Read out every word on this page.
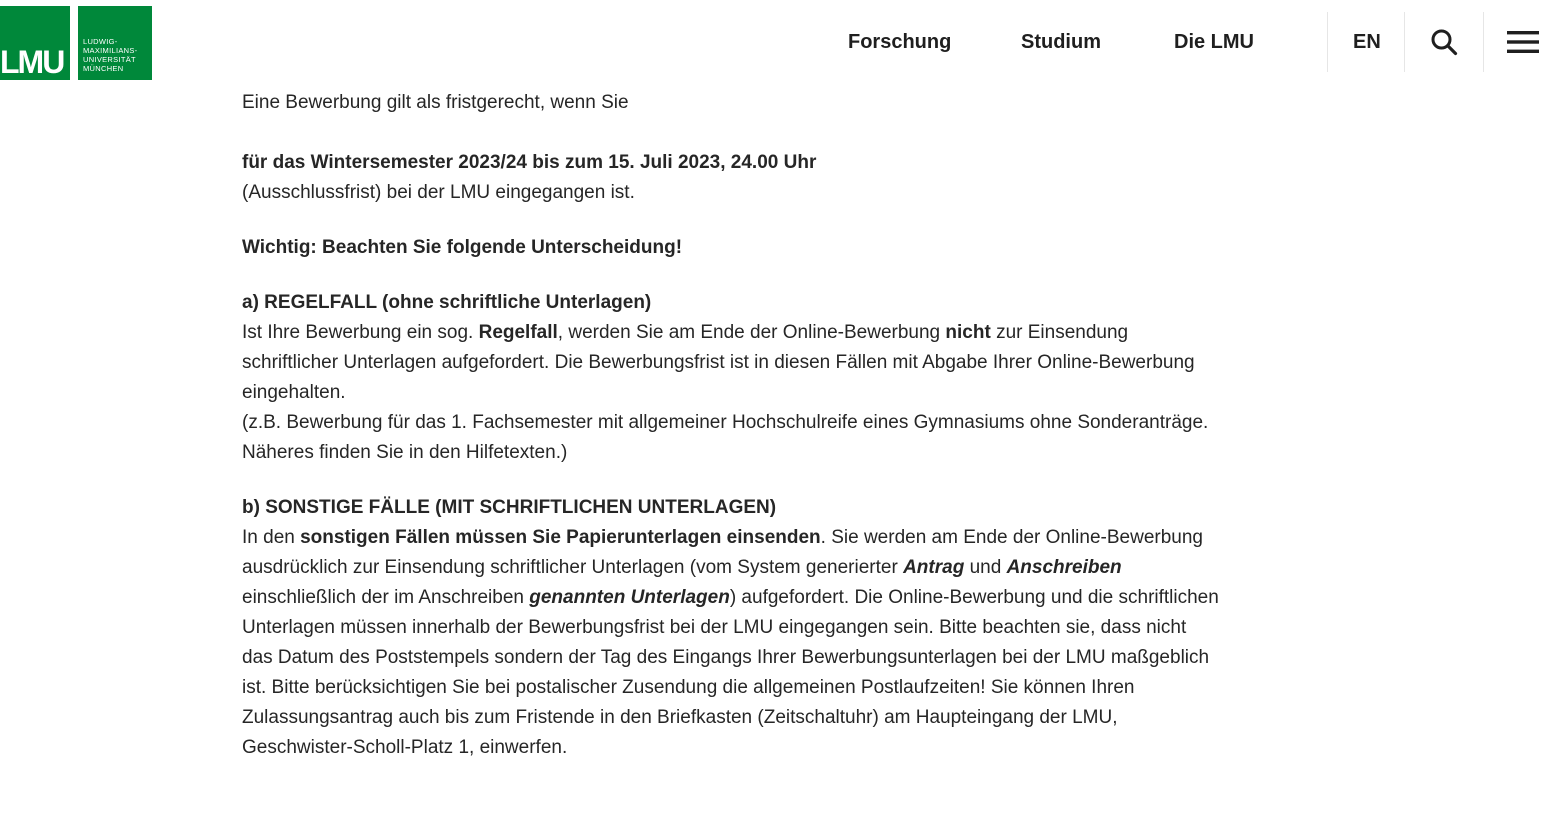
LMU
LUDWIG-
MAXIMILIANS-
UNIVERSITÄT
MÜNCHEN
Forschung	Studium	Die LMU	EN

Eine Bewerbung gilt als fristgerecht, wenn Sie

für das Wintersemester 2023/24 bis zum 15. Juli 2023, 24.00 Uhr
(Ausschlussfrist) bei der LMU eingegangen ist.

Wichtig: Beachten Sie folgende Unterscheidung!

a) REGELFALL (ohne schriftliche Unterlagen)
Ist Ihre Bewerbung ein sog. Regelfall, werden Sie am Ende der Online-Bewerbung nicht zur Einsendung schriftlicher Unterlagen aufgefordert. Die Bewerbungsfrist ist in diesen Fällen mit Abgabe Ihrer Online-Bewerbung eingehalten.
(z.B. Bewerbung für das 1. Fachsemester mit allgemeiner Hochschulreife eines Gymnasiums ohne Sonderanträge. Näheres finden Sie in den Hilfetexten.)

b) SONSTIGE FÄLLE (MIT SCHRIFTLICHEN UNTERLAGEN)
In den sonstigen Fällen müssen Sie Papierunterlagen einsenden. Sie werden am Ende der Online-Bewerbung ausdrücklich zur Einsendung schriftlicher Unterlagen (vom System generierter Antrag und Anschreiben einschließlich der im Anschreiben genannten Unterlagen) aufgefordert. Die Online-Bewerbung und die schriftlichen Unterlagen müssen innerhalb der Bewerbungsfrist bei der LMU eingegangen sein. Bitte beachten sie, dass nicht das Datum des Poststempels sondern der Tag des Eingangs Ihrer Bewerbungsunterlagen bei der LMU maßgeblich ist. Bitte berücksichtigen Sie bei postalischer Zusendung die allgemeinen Postlaufzeiten! Sie können Ihren Zulassungsantrag auch bis zum Fristende in den Briefkasten (Zeitschaltuhr) am Haupteingang der LMU, Geschwister-Scholl-Platz 1, einwerfen.
